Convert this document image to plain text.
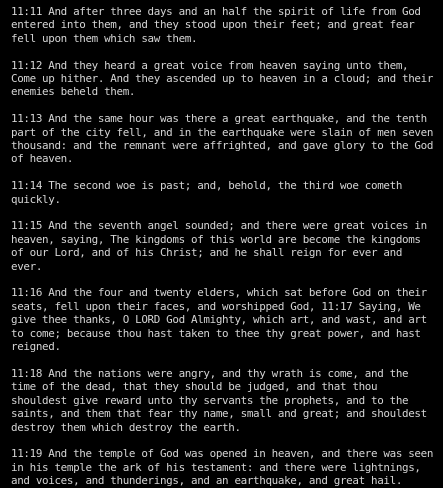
11:11 And after three days and an half the spirit of life from God entered into them, and they stood upon their feet; and great fear fell upon them which saw them.

11:12 And they heard a great voice from heaven saying unto them, Come up hither. And they ascended up to heaven in a cloud; and their enemies beheld them.

11:13 And the same hour was there a great earthquake, and the tenth part of the city fell, and in the earthquake were slain of men seven thousand: and the remnant were affrighted, and gave glory to the God of heaven.

11:14 The second woe is past; and, behold, the third woe cometh quickly.

11:15 And the seventh angel sounded; and there were great voices in heaven, saying, The kingdoms of this world are become the kingdoms of our Lord, and of his Christ; and he shall reign for ever and ever.

11:16 And the four and twenty elders, which sat before God on their seats, fell upon their faces, and worshipped God, 11:17 Saying, We give thee thanks, O LORD God Almighty, which art, and wast, and art to come; because thou hast taken to thee thy great power, and hast reigned.

11:18 And the nations were angry, and thy wrath is come, and the time of the dead, that they should be judged, and that thou shouldest give reward unto thy servants the prophets, and to the saints, and them that fear thy name, small and great; and shouldest destroy them which destroy the earth.

11:19 And the temple of God was opened in heaven, and there was seen in his temple the ark of his testament: and there were lightnings, and voices, and thunderings, and an earthquake, and great hail.
